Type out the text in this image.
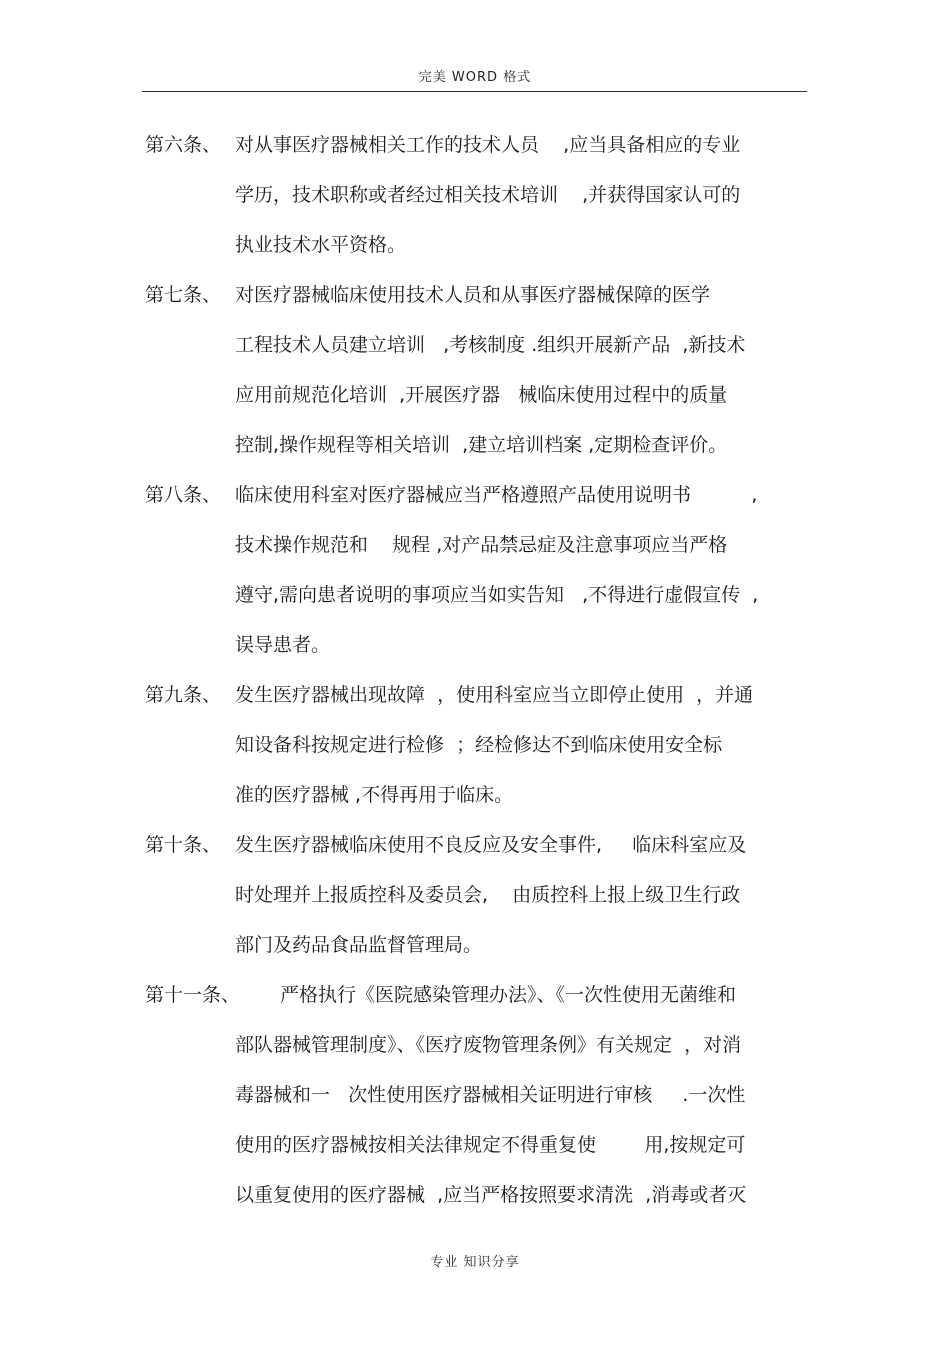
完美 WORD 格式
第六条、 对从事医疗器械相关工作的技术人员    ,应当具备相应的专业
学历，技术职称或者经过相关技术培训    ,并获得国家认可的
执业技术水平资格。
第七条、 对医疗器械临床使用技术人员和从事医疗器械保障的医学
工程技术人员建立培训   ,考核制度 .组织开展新产品  ,新技术
应用前规范化培训  ,开展医疗器   械临床使用过程中的质量
控制,操作规程等相关培训  ,建立培训档案 ,定期检查评价。
第八条、 临床使用科室对医疗器械应当严格遵照产品使用说明书          ,
技术操作规范和    规程 ,对产品禁忌症及注意事项应当严格
遵守,需向患者说明的事项应当如实告知   ,不得进行虚假宣传  ,
误导患者。
第九条、 发生医疗器械出现故障  ，使用科室应当立即停止使用  ，并通
知设备科按规定进行检修  ；经检修达不到临床使用安全标
准的医疗器械 ,不得再用于临床。
第十条、 发生医疗器械临床使用不良反应及安全事件,     临床科室应及
时处理并上报质控科及委员会,    由质控科上报上级卫生行政
部门及药品食品监督管理局。
第十一条、 严格执行《医院感染管理办法》、《一次性使用无菌维和
部队器械管理制度》、《医疗废物管理条例》有关规定  ，对消
毒器械和一   次性使用医疗器械相关证明进行审核     .一次性
使用的医疗器械按相关法律规定不得重复使        用,按规定可
以重复使用的医疗器械  ,应当严格按照要求清洗  ,消毒或者灭
专业 知识分享
